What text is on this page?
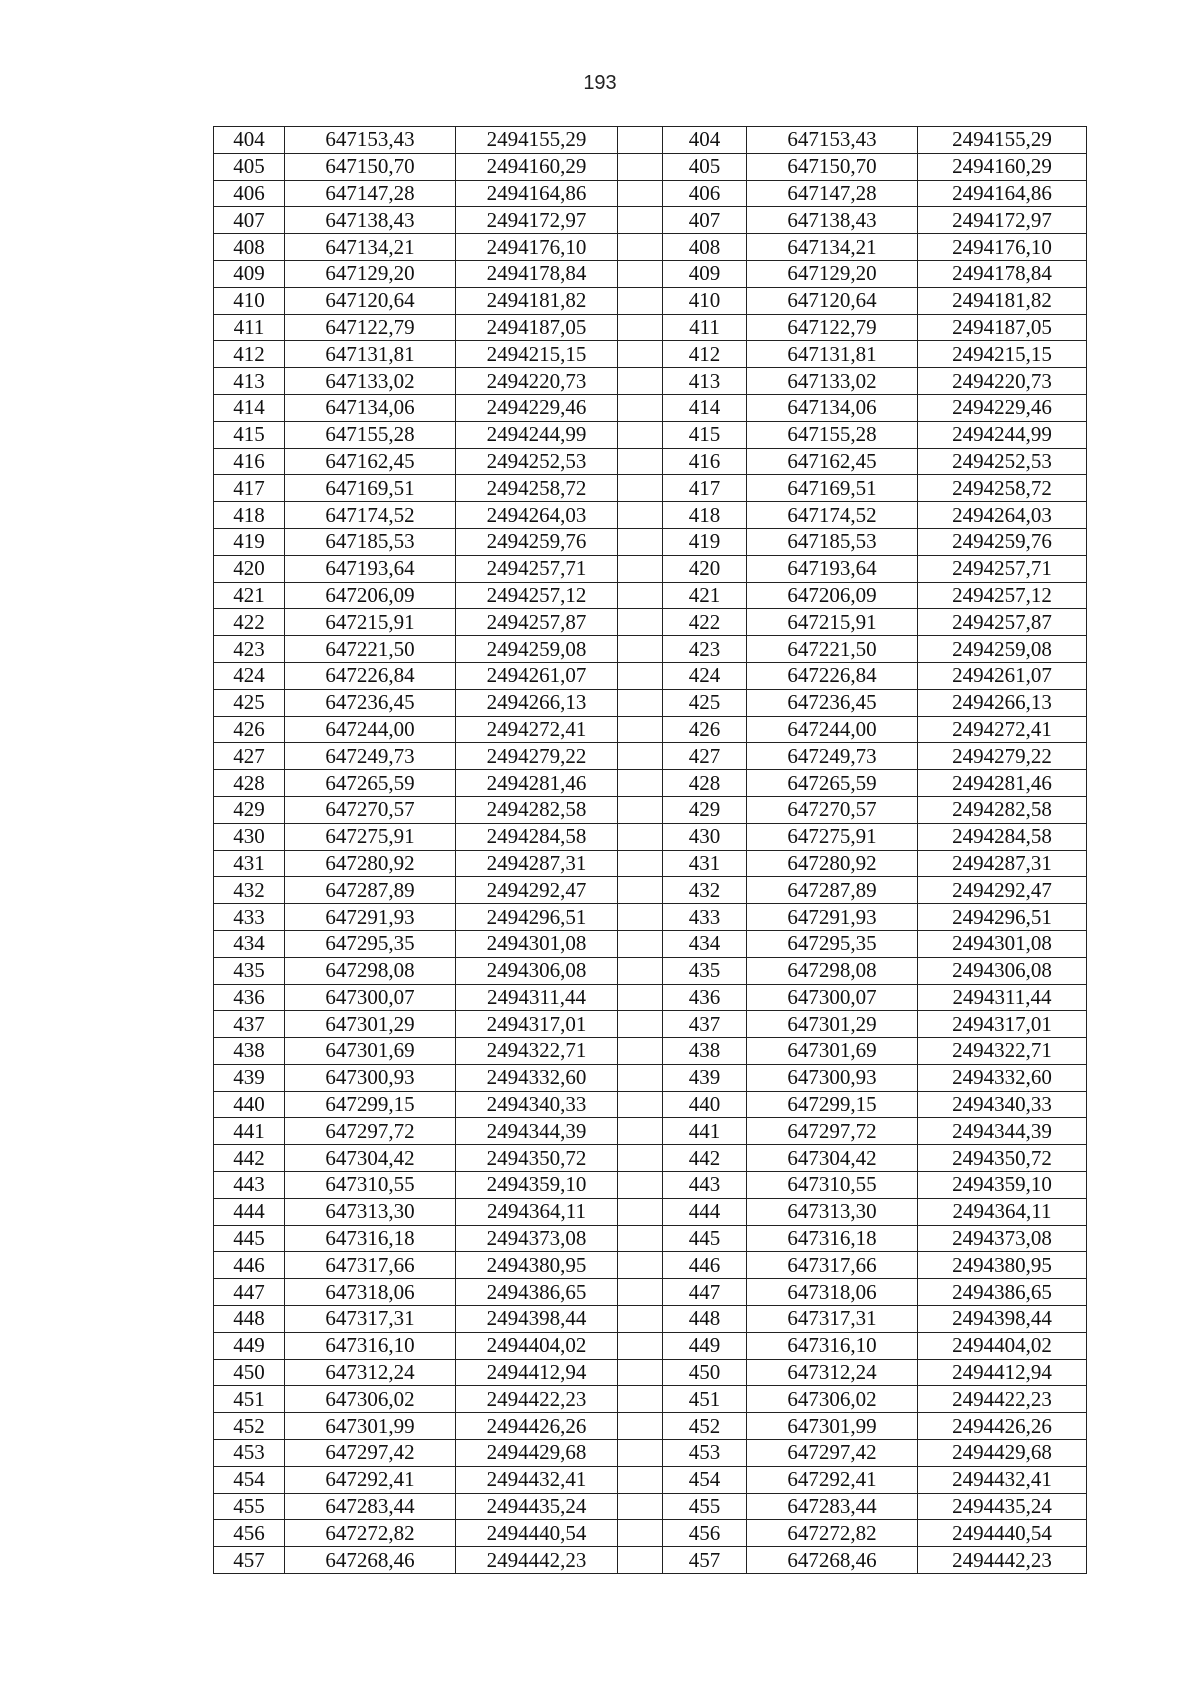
193
404	647153,43	2494155,29		404	647153,43	2494155,29
405	647150,70	2494160,29		405	647150,70	2494160,29
406	647147,28	2494164,86		406	647147,28	2494164,86
407	647138,43	2494172,97		407	647138,43	2494172,97
408	647134,21	2494176,10		408	647134,21	2494176,10
409	647129,20	2494178,84		409	647129,20	2494178,84
410	647120,64	2494181,82		410	647120,64	2494181,82
411	647122,79	2494187,05		411	647122,79	2494187,05
412	647131,81	2494215,15		412	647131,81	2494215,15
413	647133,02	2494220,73		413	647133,02	2494220,73
414	647134,06	2494229,46		414	647134,06	2494229,46
415	647155,28	2494244,99		415	647155,28	2494244,99
416	647162,45	2494252,53		416	647162,45	2494252,53
417	647169,51	2494258,72		417	647169,51	2494258,72
418	647174,52	2494264,03		418	647174,52	2494264,03
419	647185,53	2494259,76		419	647185,53	2494259,76
420	647193,64	2494257,71		420	647193,64	2494257,71
421	647206,09	2494257,12		421	647206,09	2494257,12
422	647215,91	2494257,87		422	647215,91	2494257,87
423	647221,50	2494259,08		423	647221,50	2494259,08
424	647226,84	2494261,07		424	647226,84	2494261,07
425	647236,45	2494266,13		425	647236,45	2494266,13
426	647244,00	2494272,41		426	647244,00	2494272,41
427	647249,73	2494279,22		427	647249,73	2494279,22
428	647265,59	2494281,46		428	647265,59	2494281,46
429	647270,57	2494282,58		429	647270,57	2494282,58
430	647275,91	2494284,58		430	647275,91	2494284,58
431	647280,92	2494287,31		431	647280,92	2494287,31
432	647287,89	2494292,47		432	647287,89	2494292,47
433	647291,93	2494296,51		433	647291,93	2494296,51
434	647295,35	2494301,08		434	647295,35	2494301,08
435	647298,08	2494306,08		435	647298,08	2494306,08
436	647300,07	2494311,44		436	647300,07	2494311,44
437	647301,29	2494317,01		437	647301,29	2494317,01
438	647301,69	2494322,71		438	647301,69	2494322,71
439	647300,93	2494332,60		439	647300,93	2494332,60
440	647299,15	2494340,33		440	647299,15	2494340,33
441	647297,72	2494344,39		441	647297,72	2494344,39
442	647304,42	2494350,72		442	647304,42	2494350,72
443	647310,55	2494359,10		443	647310,55	2494359,10
444	647313,30	2494364,11		444	647313,30	2494364,11
445	647316,18	2494373,08		445	647316,18	2494373,08
446	647317,66	2494380,95		446	647317,66	2494380,95
447	647318,06	2494386,65		447	647318,06	2494386,65
448	647317,31	2494398,44		448	647317,31	2494398,44
449	647316,10	2494404,02		449	647316,10	2494404,02
450	647312,24	2494412,94		450	647312,24	2494412,94
451	647306,02	2494422,23		451	647306,02	2494422,23
452	647301,99	2494426,26		452	647301,99	2494426,26
453	647297,42	2494429,68		453	647297,42	2494429,68
454	647292,41	2494432,41		454	647292,41	2494432,41
455	647283,44	2494435,24		455	647283,44	2494435,24
456	647272,82	2494440,54		456	647272,82	2494440,54
457	647268,46	2494442,23		457	647268,46	2494442,23
